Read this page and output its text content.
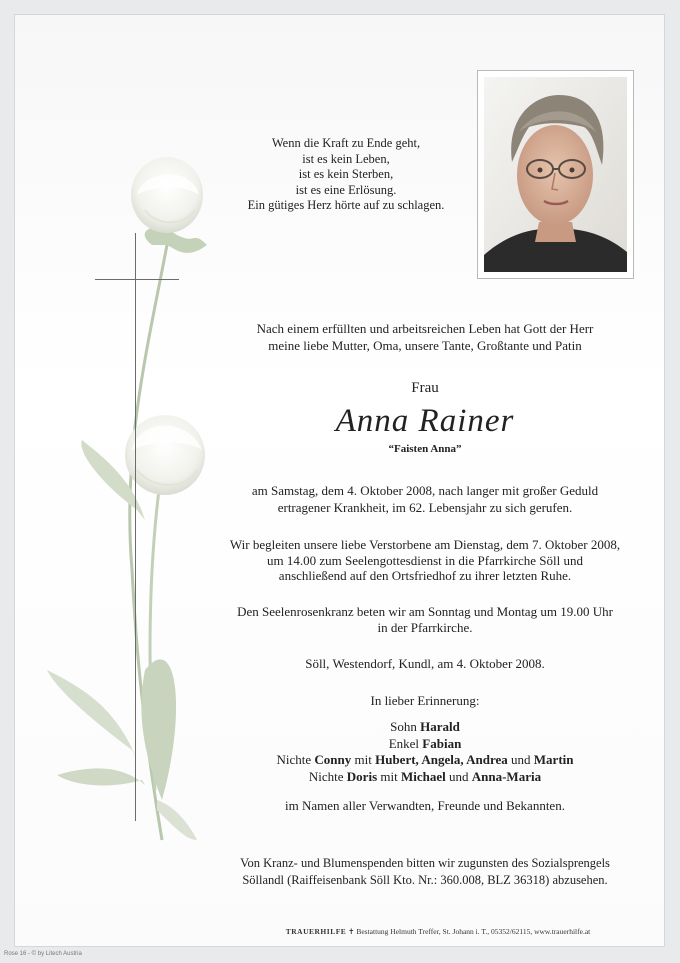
Wenn die Kraft zu Ende geht,
ist es kein Leben,
ist es kein Sterben,
ist es eine Erlösung.
Ein gütiges Herz hörte auf zu schlagen.
Nach einem erfüllten und arbeitsreichen Leben hat Gott der Herr
meine liebe Mutter, Oma, unsere Tante, Großtante und Patin
Frau
Anna Rainer
“Faisten Anna”
am Samstag, dem 4. Oktober 2008, nach langer mit großer Geduld
ertragener Krankheit, im 62. Lebensjahr zu sich gerufen.
Wir begleiten unsere liebe Verstorbene am Dienstag, dem 7. Oktober 2008,
um 14.00 zum Seelengottesdienst in die Pfarrkirche Söll und
anschließend auf den Ortsfriedhof zu ihrer letzten Ruhe.
Den Seelenrosenkranz beten wir am Sonntag und Montag um 19.00 Uhr
in der Pfarrkirche.
Söll, Westendorf, Kundl, am 4. Oktober 2008.
In lieber Erinnerung:
Sohn Harald
Enkel Fabian
Nichte Conny mit Hubert, Angela, Andrea und Martin
Nichte Doris mit Michael und Anna-Maria
im Namen aller Verwandten, Freunde und Bekannten.
Von Kranz- und Blumenspenden bitten wir zugunsten des Sozialsprengels
Söllandl (Raiffeisenbank Söll Kto. Nr.: 360.008, BLZ 36318) abzusehen.
TRAUERHILFE ✝ Bestattung Helmuth Treffer, St. Johann i. T., 05352/62115, www.trauerhilfe.at
Rose 16 - © by Litech Austria
